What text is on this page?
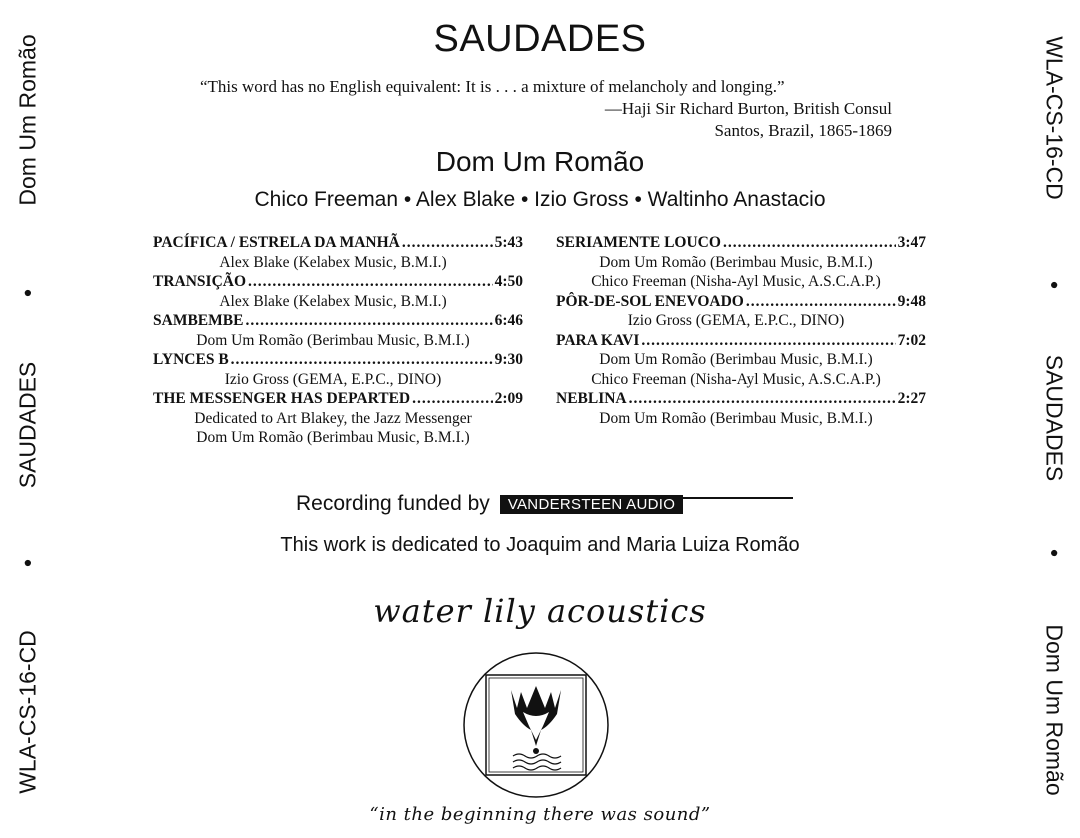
Dom Um Romão
•
SAUDADES
•
WLA-CS-16-CD
WLA-CS-16-CD
•
SAUDADES
•
Dom Um Romão
SAUDADES
“This word has no English equivalent: It is . . . a mixture of melancholy and longing.”
—Haji Sir Richard Burton, British Consul
Santos, Brazil, 1865-1869
Dom Um Romão
Chico Freeman • Alex Blake • Izio Gross • Waltinho Anastacio
PACÍFICA / ESTRELA DA MANHÃ .....	5:43
Alex Blake (Kelabex Music, B.M.I.)
TRANSIÇÃO .....	4:50
Alex Blake (Kelabex Music, B.M.I.)
SAMBEMBE .....	6:46
Dom Um Romão (Berimbau Music, B.M.I.)
LYNCES B .....	9:30
Izio Gross (GEMA, E.P.C., DINO)
THE MESSENGER HAS DEPARTED .....	2:09
Dedicated to Art Blakey, the Jazz Messenger
Dom Um Romão (Berimbau Music, B.M.I.)
SERIAMENTE LOUCO .....	3:47
Dom Um Romão (Berimbau Music, B.M.I.)
Chico Freeman (Nisha-Ayl Music, A.S.C.A.P.)
PÔR-DE-SOL ENEVOADO .....	9:48
Izio Gross (GEMA, E.P.C., DINO)
PARA KAVI .....	7:02
Dom Um Romão (Berimbau Music, B.M.I.)
Chico Freeman (Nisha-Ayl Music, A.S.C.A.P.)
NEBLINA .....	2:27
Dom Um Romão (Berimbau Music, B.M.I.)
Recording funded by	VANDERSTEEN AUDIO
This work is dedicated to Joaquim and Maria Luiza Romão
water lily acoustics
“in the beginning there was sound”
